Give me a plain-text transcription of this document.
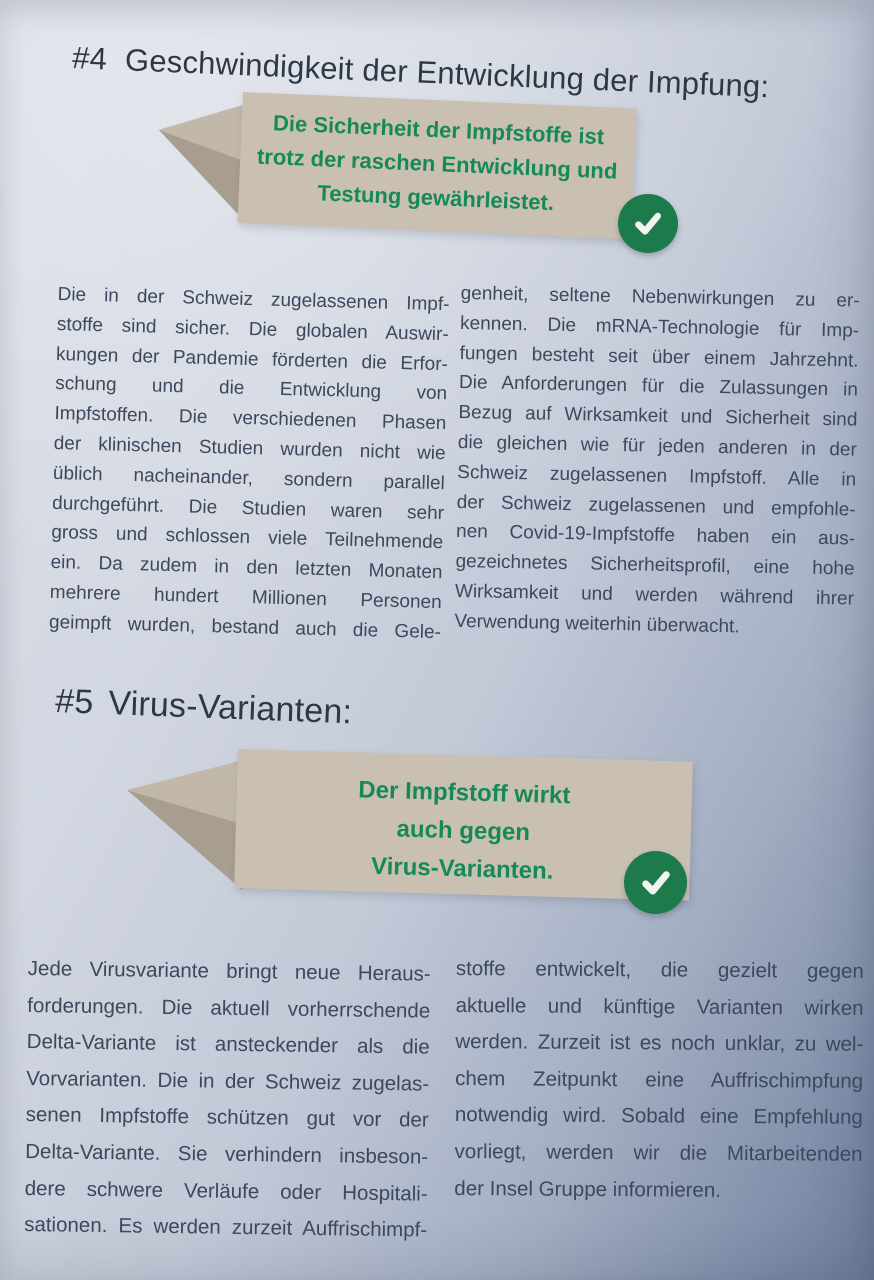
#4 Geschwindigkeit der Entwicklung der Impfung:
Die Sicherheit der Impfstoffe ist
trotz der raschen Entwicklung und
Testung gewährleistet.
Die in der Schweiz zugelassenen Impf-
stoffe sind sicher. Die globalen Auswir-
kungen der Pandemie förderten die Erfor-
schung und die Entwicklung von
Impfstoffen. Die verschiedenen Phasen
der klinischen Studien wurden nicht wie
üblich nacheinander, sondern parallel
durchgeführt. Die Studien waren sehr
gross und schlossen viele Teilnehmende
ein. Da zudem in den letzten Monaten
mehrere hundert Millionen Personen
geimpft wurden, bestand auch die Gele-
genheit, seltene Nebenwirkungen zu er-
kennen. Die mRNA-Technologie für Imp-
fungen besteht seit über einem Jahrzehnt.
Die Anforderungen für die Zulassungen in
Bezug auf Wirksamkeit und Sicherheit sind
die gleichen wie für jeden anderen in der
Schweiz zugelassenen Impfstoff. Alle in
der Schweiz zugelassenen und empfohle-
nen Covid-19-Impfstoffe haben ein aus-
gezeichnetes Sicherheitsprofil, eine hohe
Wirksamkeit und werden während ihrer
Verwendung weiterhin überwacht.
#5 Virus-Varianten:
Der Impfstoff wirkt
auch gegen
Virus-Varianten.
Jede Virusvariante bringt neue Heraus-
forderungen. Die aktuell vorherrschende
Delta-Variante ist ansteckender als die
Vorvarianten. Die in der Schweiz zugelas-
senen Impfstoffe schützen gut vor der
Delta-Variante. Sie verhindern insbeson-
dere schwere Verläufe oder Hospitali-
sationen. Es werden zurzeit Auffrischimpf-
stoffe entwickelt, die gezielt gegen
aktuelle und künftige Varianten wirken
werden. Zurzeit ist es noch unklar, zu wel-
chem Zeitpunkt eine Auffrischimpfung
notwendig wird. Sobald eine Empfehlung
vorliegt, werden wir die Mitarbeitenden
der Insel Gruppe informieren.
